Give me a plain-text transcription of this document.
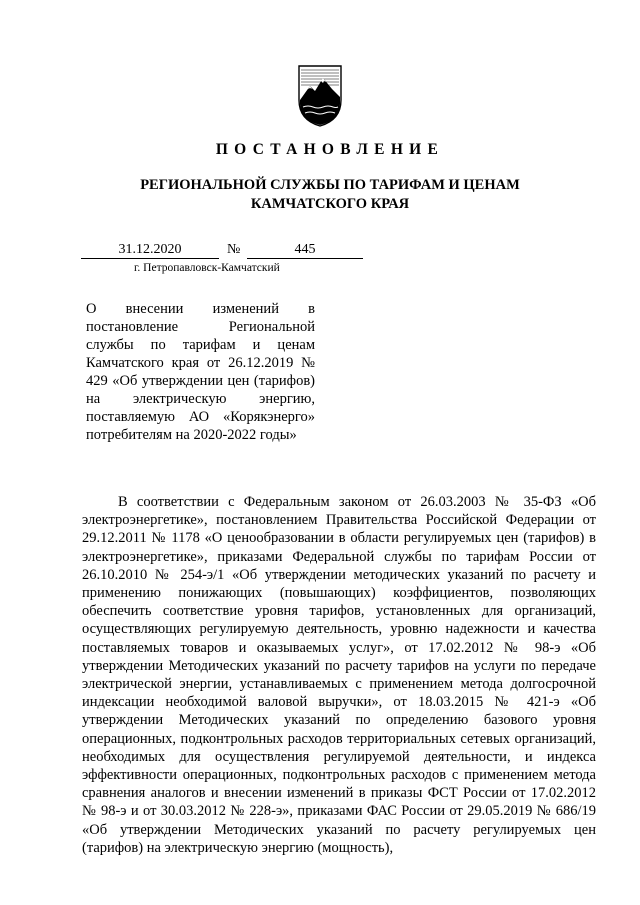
ПОСТАНОВЛЕНИЕ
РЕГИОНАЛЬНОЙ СЛУЖБЫ ПО ТАРИФАМ И ЦЕНАМ
КАМЧАТСКОГО КРАЯ
31.12.2020	№	445
г. Петропавловск-Камчатский
О внесении изменений в постановление Региональной службы по тарифам и ценам Камчатского края от 26.12.2019 № 429 «Об утверждении цен (тарифов) на электрическую энергию, поставляемую АО «Корякэнерго» потребителям на 2020-2022 годы»

В соответствии с Федеральным законом от 26.03.2003 № 35-ФЗ «Об электроэнергетике», постановлением Правительства Российской Федерации от 29.12.2011 № 1178 «О ценообразовании в области регулируемых цен (тарифов) в электроэнергетике», приказами Федеральной службы по тарифам России от 26.10.2010 № 254-э/1 «Об утверждении методических указаний по расчету и применению понижающих (повышающих) коэффициентов, позволяющих обеспечить соответствие уровня тарифов, установленных для организаций, осуществляющих регулируемую деятельность, уровню надежности и качества поставляемых товаров и оказываемых услуг», от 17.02.2012 № 98-э «Об утверждении Методических указаний по расчету тарифов на услуги по передаче электрической энергии, устанавливаемых с применением метода долгосрочной индексации необходимой валовой выручки», от 18.03.2015 № 421-э «Об утверждении Методических указаний по определению базового уровня операционных, подконтрольных расходов территориальных сетевых организаций, необходимых для осуществления регулируемой деятельности, и индекса эффективности операционных, подконтрольных расходов с применением метода сравнения аналогов и внесении изменений в приказы ФСТ России от 17.02.2012 № 98-э и от 30.03.2012 № 228-э», приказами ФАС России от 29.05.2019 № 686/19 «Об утверждении Методических указаний по расчету регулируемых цен (тарифов) на электрическую энергию (мощность),
